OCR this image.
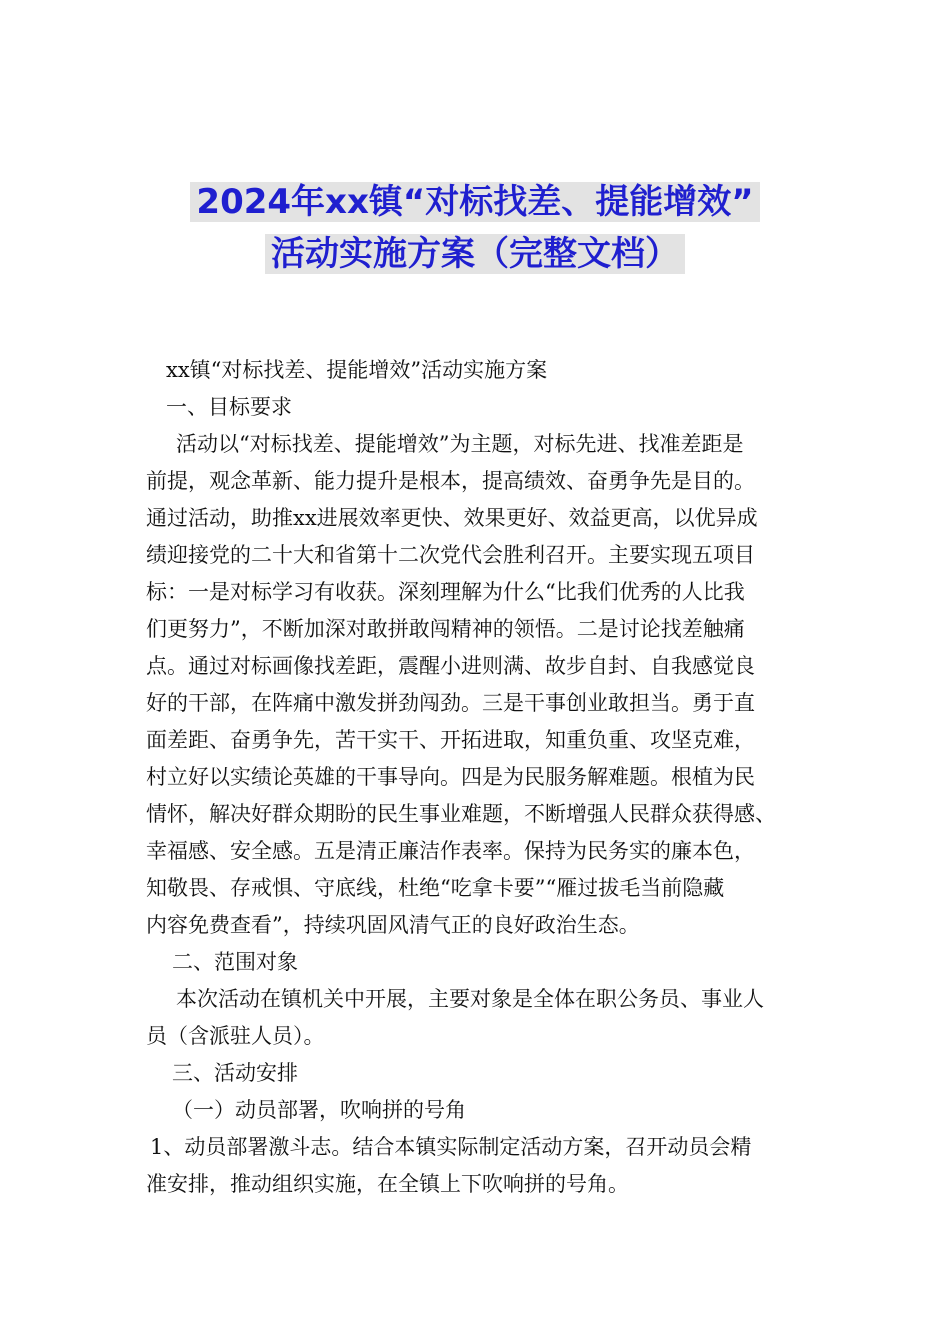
2024年xx镇“对标找差、提能增效”
活动实施方案（完整文档）

xx镇“对标找差、提能增效”活动实施方案

一、目标要求

活动以“对标找差、提能增效”为主题，对标先进、找准差距是

前提，观念革新、能力提升是根本，提高绩效、奋勇争先是目的。

通过活动，助推xx进展效率更快、效果更好、效益更高，以优异成

绩迎接党的二十大和省第十二次党代会胜利召开。主要实现五项目

标：一是对标学习有收获。深刻理解为什么“比我们优秀的人比我

们更努力”，不断加深对敢拼敢闯精神的领悟。二是讨论找差触痛

点。通过对标画像找差距，震醒小进则满、故步自封、自我感觉良

好的干部，在阵痛中激发拼劲闯劲。三是干事创业敢担当。勇于直

面差距、奋勇争先，苦干实干、开拓进取，知重负重、攻坚克难，

村立好以实绩论英雄的干事导向。四是为民服务解难题。根植为民

情怀，解决好群众期盼的民生事业难题，不断增强人民群众获得感、

幸福感、安全感。五是清正廉洁作表率。保持为民务实的廉本色，

知敬畏、存戒惧、守底线，杜绝“吃拿卡要”“雁过拔毛当前隐藏

内容免费查看”，持续巩固风清气正的良好政治生态。

二、范围对象

本次活动在镇机关中开展，主要对象是全体在职公务员、事业人

员（含派驻人员）。

三、活动安排

（一）动员部署，吹响拼的号角

1、动员部署激斗志。结合本镇实际制定活动方案，召开动员会精

准安排，推动组织实施，在全镇上下吹响拼的号角。
